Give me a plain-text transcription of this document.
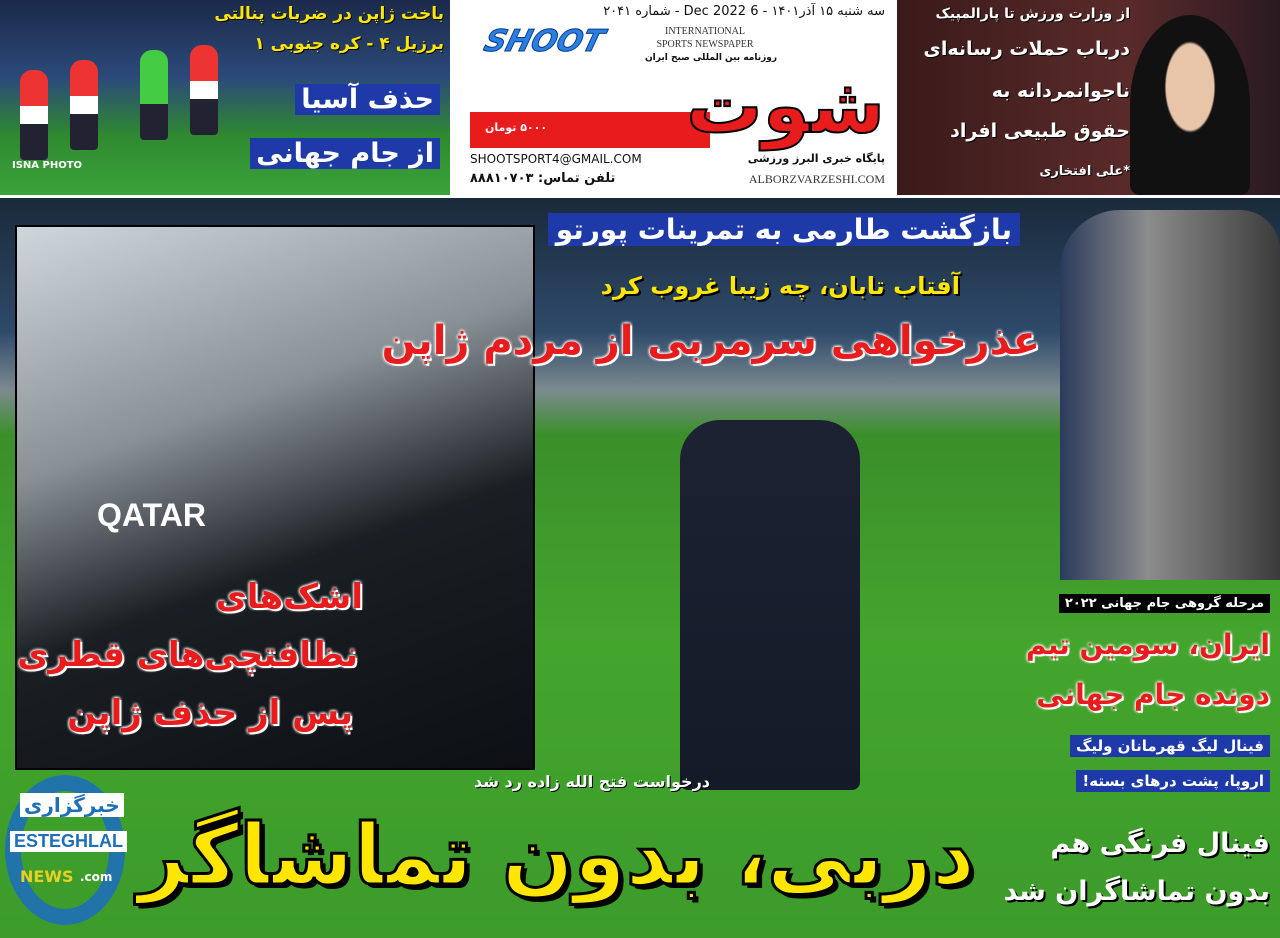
باخت ژاپن در ضربات پنالتی
برزیل ۴ - کره جنوبی ۱
حذف آسیا
از جام جهانی
ISNA PHOTO
سه شنبه ۱۵ آذر۱۴۰۱ - 6 Dec 2022 - شماره ۲۰۴۱
SHOOT	INTERNATIONAL
SPORTS NEWSPAPER
روزنامه بین المللی صبح ایران
شوت
۵۰۰۰ تومان
SHOOTSPORT4@GMAIL.COM
تلفن تماس: ۸۸۸۱۰۷۰۳
پایگاه خبری البرز ورزشی
ALBORZVARZESHI.COM
از وزارت ورزش تا پارالمپیک
درباب حملات رسانه‌ای
ناجوانمردانه به
حقوق طبیعی افراد
*علی افتخاری
QATAR
اشک‌های
نظافتچی‌های قطری
پس از حذف ژاپن
بازگشت طارمی به تمرینات پورتو
آفتاب تابان، چه زیبا غروب کرد
عذرخواهی سرمربی از مردم ژاپن
مرحله گروهی جام جهانی ۲۰۲۲
ایران، سومین تیم
دونده جام جهانی
فینال لیگ قهرمانان ولیگ
اروپا، پشت درهای بسته!
فینال فرنگی هم
بدون تماشاگران شد
درخواست فتح الله زاده رد شد
دربی، بدون تماشاگر
خبرگزاری
ESTEGHLAL
NEWS .com
